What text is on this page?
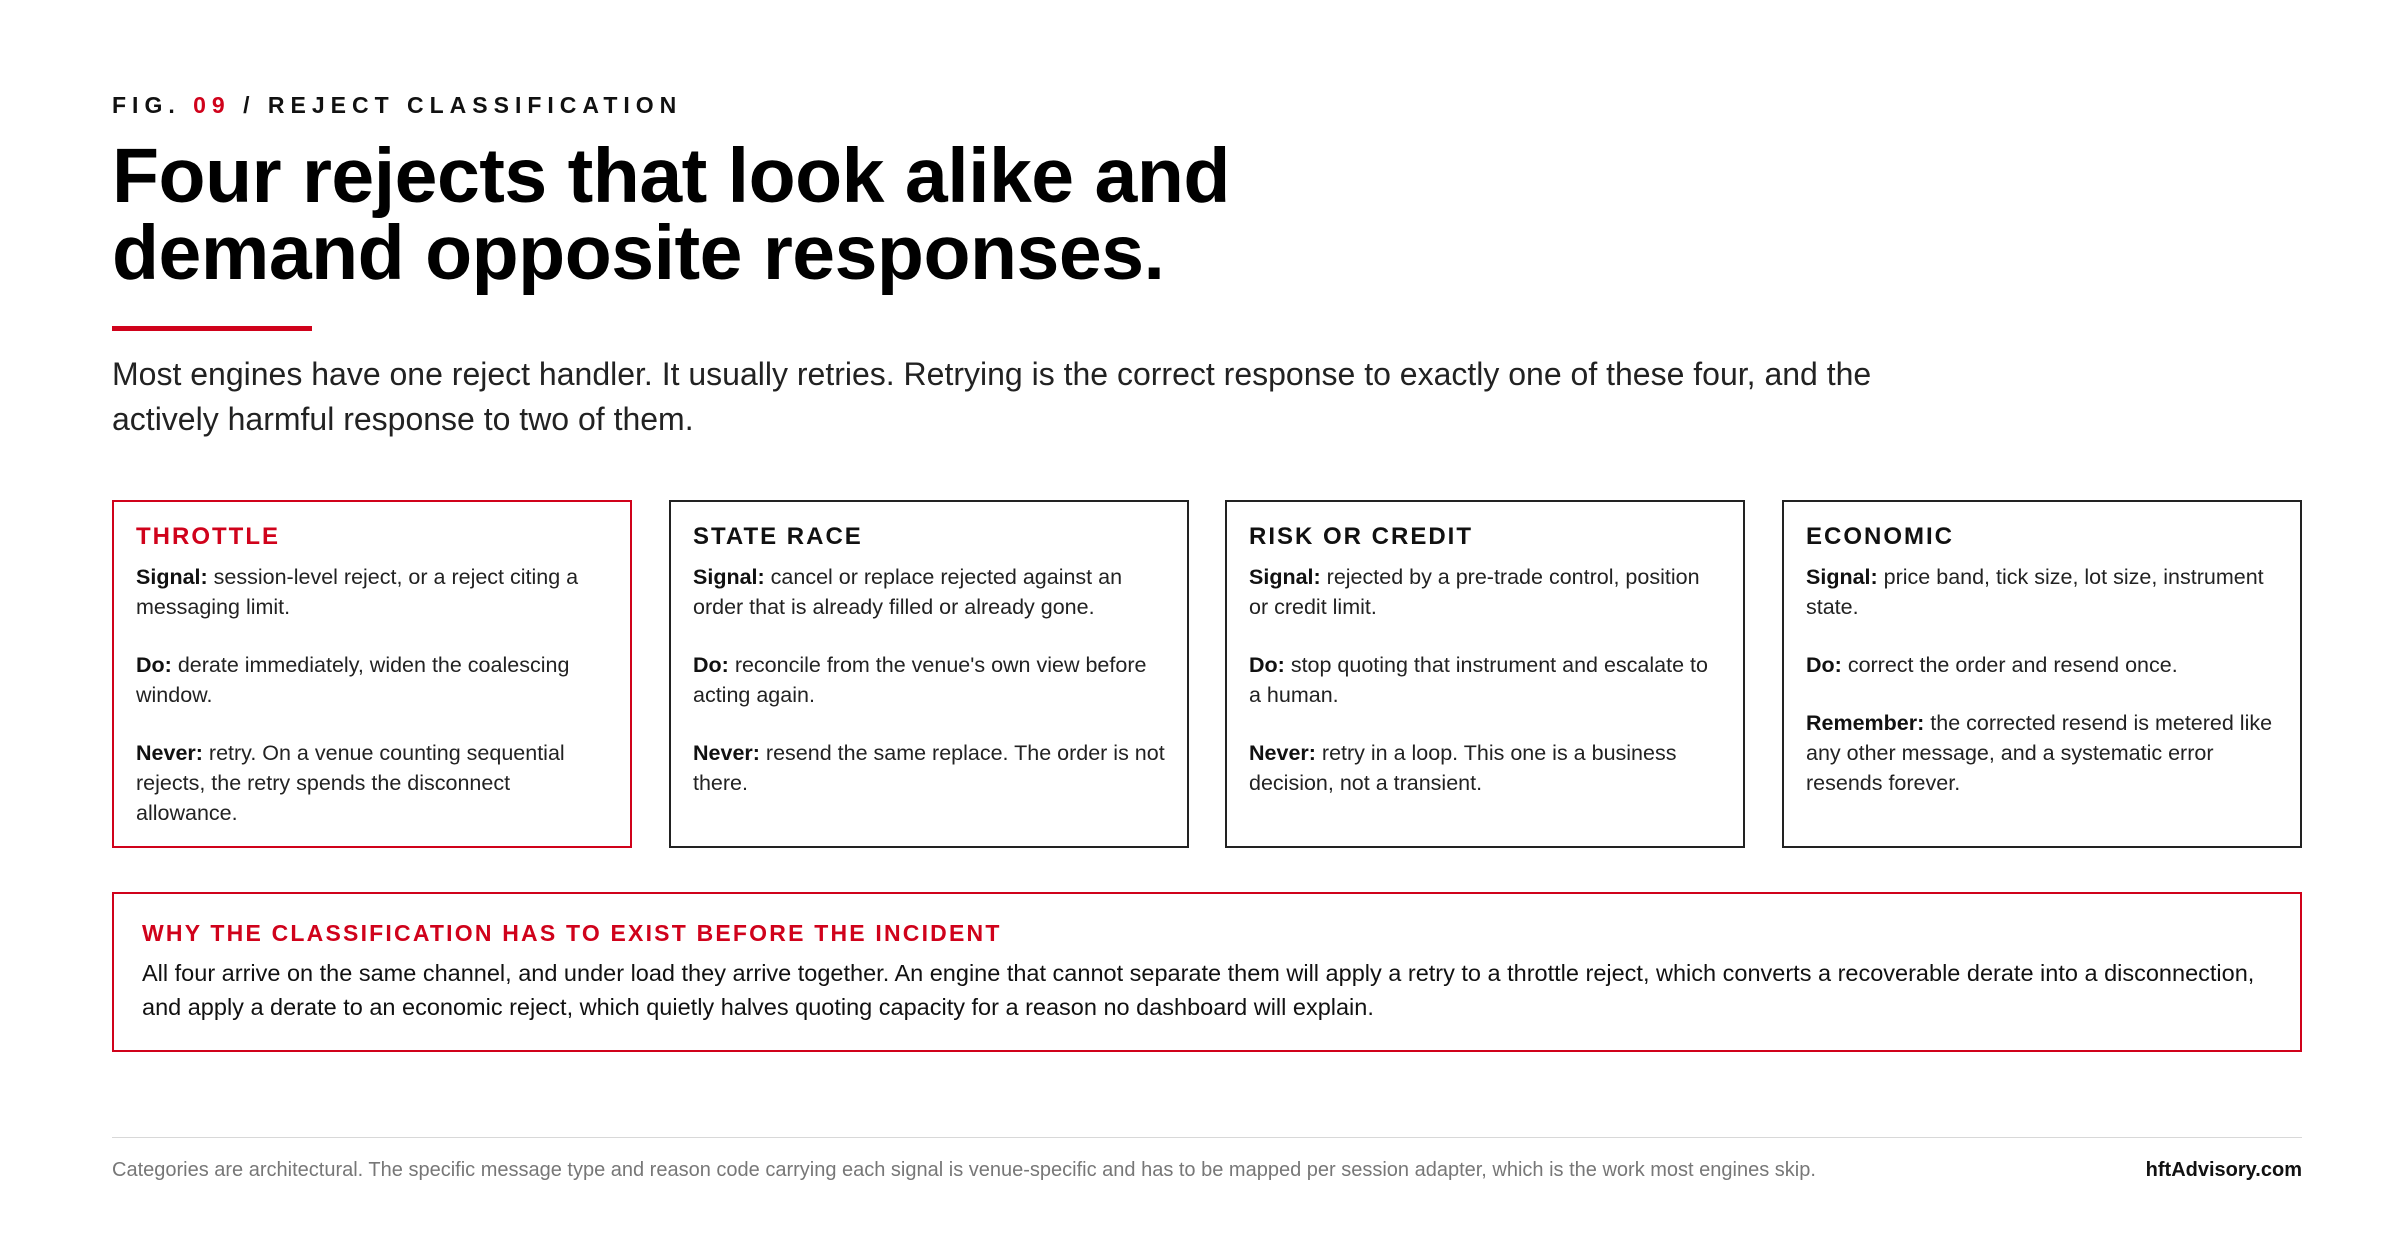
FIG. 09 / REJECT CLASSIFICATION
Four rejects that look alike and demand opposite responses.

Most engines have one reject handler. It usually retries. Retrying is the correct response to exactly one of these four, and the actively harmful response to two of them.

THROTTLE

Signal: session-level reject, or a reject citing a messaging limit.

Do: derate immediately, widen the coalescing window.

Never: retry. On a venue counting sequential rejects, the retry spends the disconnect allowance.

STATE RACE

Signal: cancel or replace rejected against an order that is already filled or already gone.

Do: reconcile from the venue's own view before acting again.

Never: resend the same replace. The order is not there.

RISK OR CREDIT

Signal: rejected by a pre-trade control, position or credit limit.

Do: stop quoting that instrument and escalate to a human.

Never: retry in a loop. This one is a business decision, not a transient.

ECONOMIC

Signal: price band, tick size, lot size, instrument state.

Do: correct the order and resend once.

Remember: the corrected resend is metered like any other message, and a systematic error resends forever.

WHY THE CLASSIFICATION HAS TO EXIST BEFORE THE INCIDENT

All four arrive on the same channel, and under load they arrive together. An engine that cannot separate them will apply a retry to a throttle reject, which converts a recoverable derate into a disconnection, and apply a derate to an economic reject, which quietly halves quoting capacity for a reason no dashboard will explain.

Categories are architectural. The specific message type and reason code carrying each signal is venue-specific and has to be mapped per session adapter, which is the work most engines skip.	hftAdvisory.com
